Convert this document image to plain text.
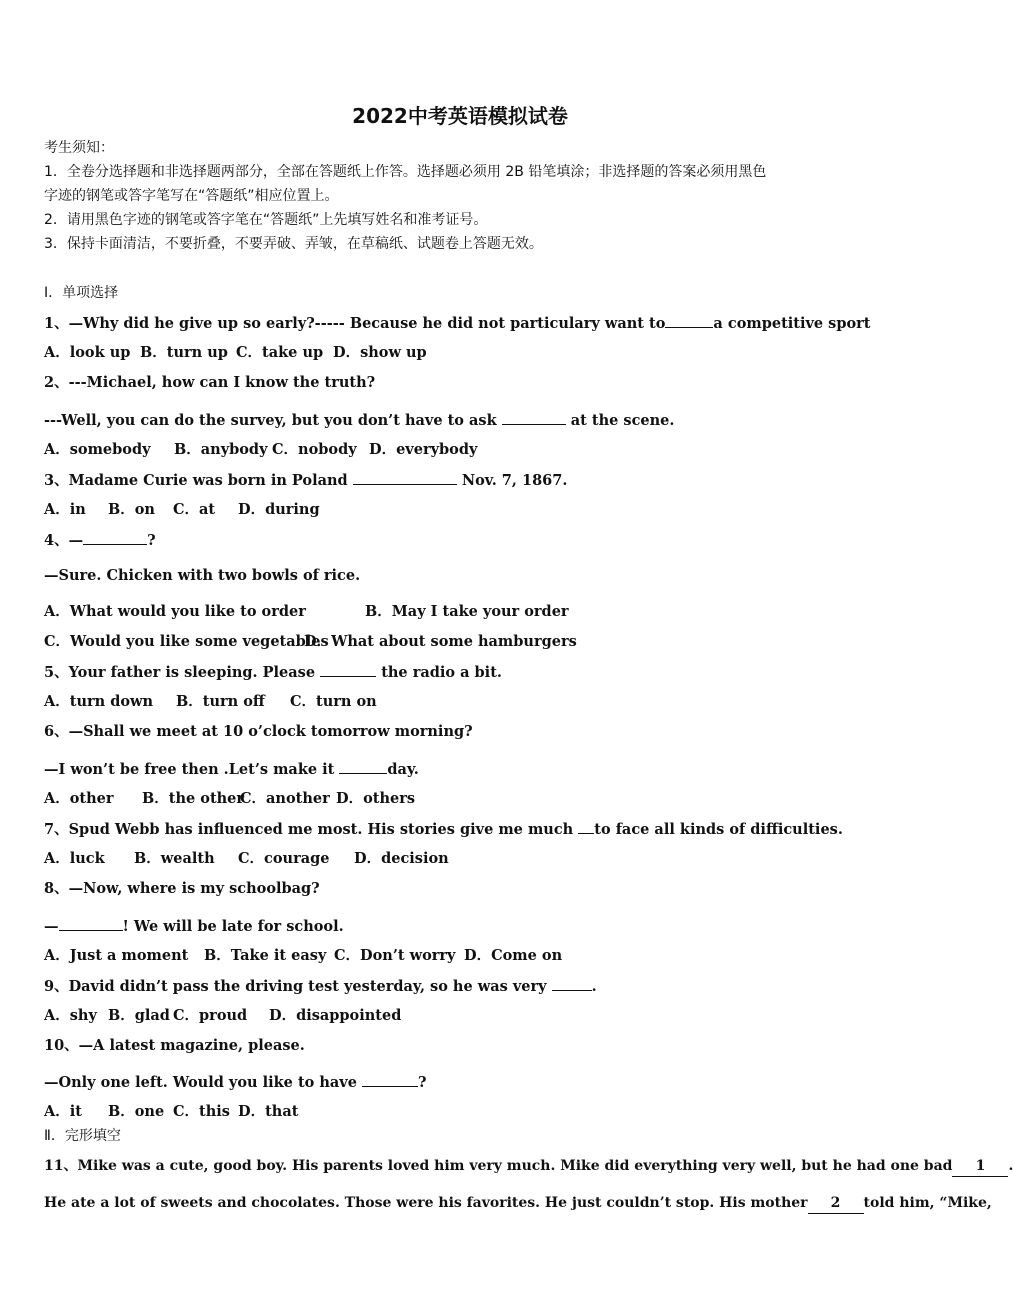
2022中考英语模拟试卷
考生须知：
1．全卷分选择题和非选择题两部分，全部在答题纸上作答。选择题必须用 2B 铅笔填涂；非选择题的答案必须用黑色
字迹的钢笔或答字笔写在“答题纸”相应位置上。
2．请用黑色字迹的钢笔或答字笔在“答题纸”上先填写姓名和准考证号。
3．保持卡面清洁，不要折叠，不要弄破、弄皱，在草稿纸、试题卷上答题无效。
Ⅰ．单项选择
1、—Why did he give up so early?----- Because he did not particulary want to	a competitive sport
A．look up B．turn up C．take up D．show up
2、---Michael, how can I know the truth?
---Well, you can do the survey, but you don’t have to ask	at the scene.
A．somebody B．anybody C．nobody D．everybody
3、Madame Curie was born in Poland	Nov. 7, 1867.
A．in B．on C．at D．during
4、—	?
—Sure. Chicken with two bowls of rice.
A．What would you like to order	B．May I take your order
C．Would you like some vegetablesD．What about some hamburgers
5、Your father is sleeping. Please	the radio a bit.
A．turn down B．turn off C．turn on
6、—Shall we meet at 10 o’clock tomorrow morning?
—I won’t be free then .Let’s make it	day.
A．other B．the otherC．another D．others
7、Spud Webb has influenced me most. His stories give me much to face all kinds of difficulties.
A．luck B．wealth C．courage D．decision
8、—Now, where is my schoolbag?
—	! We will be late for school.
A．Just a moment B．Take it easy C．Don’t worry D．Come on
9、David didn’t pass the driving test yesterday, so he was very	.
A．shy B．glad C．proud D．disappointed
10、—A latest magazine, please.
—Only one left. Would you like to have	?
A．it B．one C．this D．that
Ⅱ．完形填空
11、Mike was a cute, good boy. His parents loved him very much. Mike did everything very well, but he had one bad 1 .
He ate a lot of sweets and chocolates. Those were his favorites. He just couldn’t stop. His mother 2 told him, “Mike,
